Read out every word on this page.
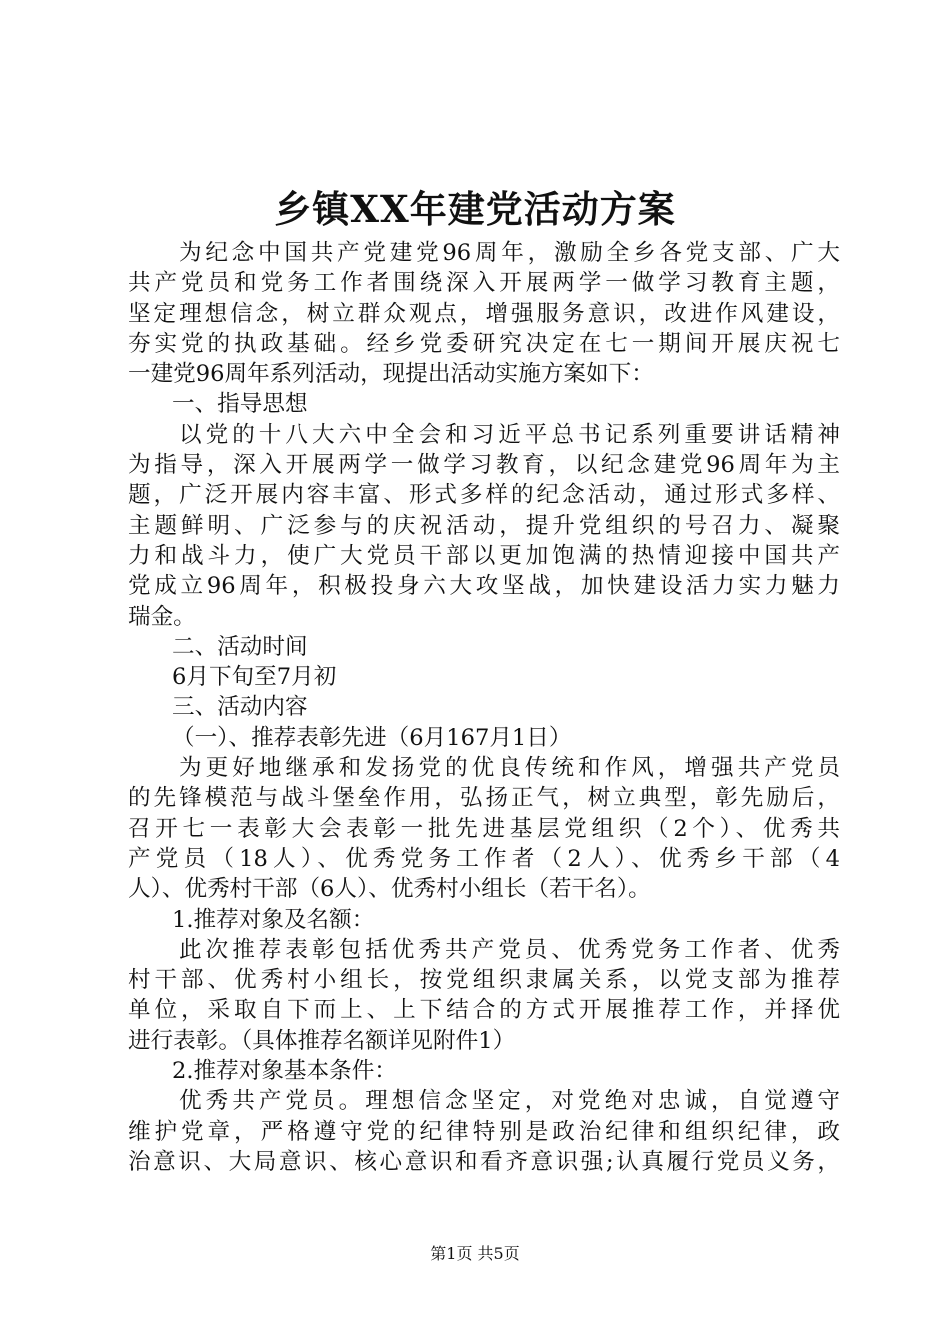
乡镇XX年建党活动方案

为纪念中国共产党建党96周年，激励全乡各党支部、广大

共产党员和党务工作者围绕深入开展两学一做学习教育主题，

坚定理想信念，树立群众观点，增强服务意识，改进作风建设，

夯实党的执政基础。经乡党委研究决定在七一期间开展庆祝七

一建党96周年系列活动，现提出活动实施方案如下：

一、指导思想

以党的十八大六中全会和习近平总书记系列重要讲话精神

为指导，深入开展两学一做学习教育，以纪念建党96周年为主

题，广泛开展内容丰富、形式多样的纪念活动，通过形式多样、

主题鲜明、广泛参与的庆祝活动，提升党组织的号召力、凝聚

力和战斗力，使广大党员干部以更加饱满的热情迎接中国共产

党成立96周年，积极投身六大攻坚战，加快建设活力实力魅力

瑞金。

二、活动时间

6月下旬至7月初

三、活动内容

（一）、推荐表彰先进（6月167月1日）

为更好地继承和发扬党的优良传统和作风，增强共产党员

的先锋模范与战斗堡垒作用，弘扬正气，树立典型，彰先励后，

召开七一表彰大会表彰一批先进基层党组织（2个）、优秀共

产党员（18人）、优秀党务工作者（2人）、优秀乡干部（4

人）、优秀村干部（6人）、优秀村小组长（若干名）。

1.推荐对象及名额：

此次推荐表彰包括优秀共产党员、优秀党务工作者、优秀

村干部、优秀村小组长，按党组织隶属关系，以党支部为推荐

单位，采取自下而上、上下结合的方式开展推荐工作，并择优

进行表彰。（具体推荐名额详见附件1）

2.推荐对象基本条件：

优秀共产党员。理想信念坚定，对党绝对忠诚，自觉遵守

维护党章，严格遵守党的纪律特别是政治纪律和组织纪律，政

治意识、大局意识、核心意识和看齐意识强;认真履行党员义务，

第1页 共5页
